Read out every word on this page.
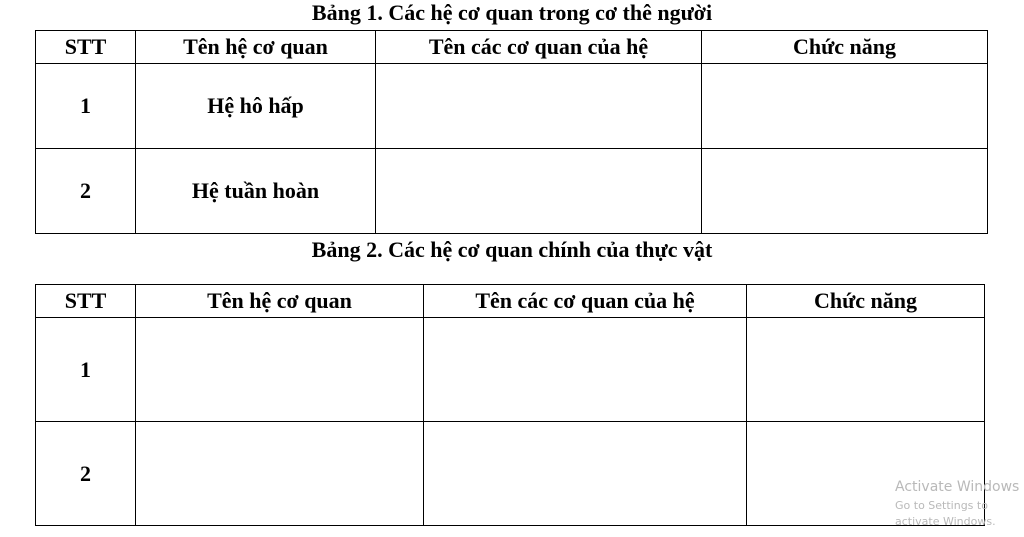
Bảng 1. Các hệ cơ quan trong cơ thê người

STT	Tên hệ cơ quan	Tên các cơ quan của hệ	Chức năng
1	Hệ hô hấp		
2	Hệ tuần hoàn		

Bảng 2. Các hệ cơ quan chính của thực vật

STT	Tên hệ cơ quan	Tên các cơ quan của hệ	Chức năng
1			
2			
Activate Windows
Go to Settings to activate Windows.
